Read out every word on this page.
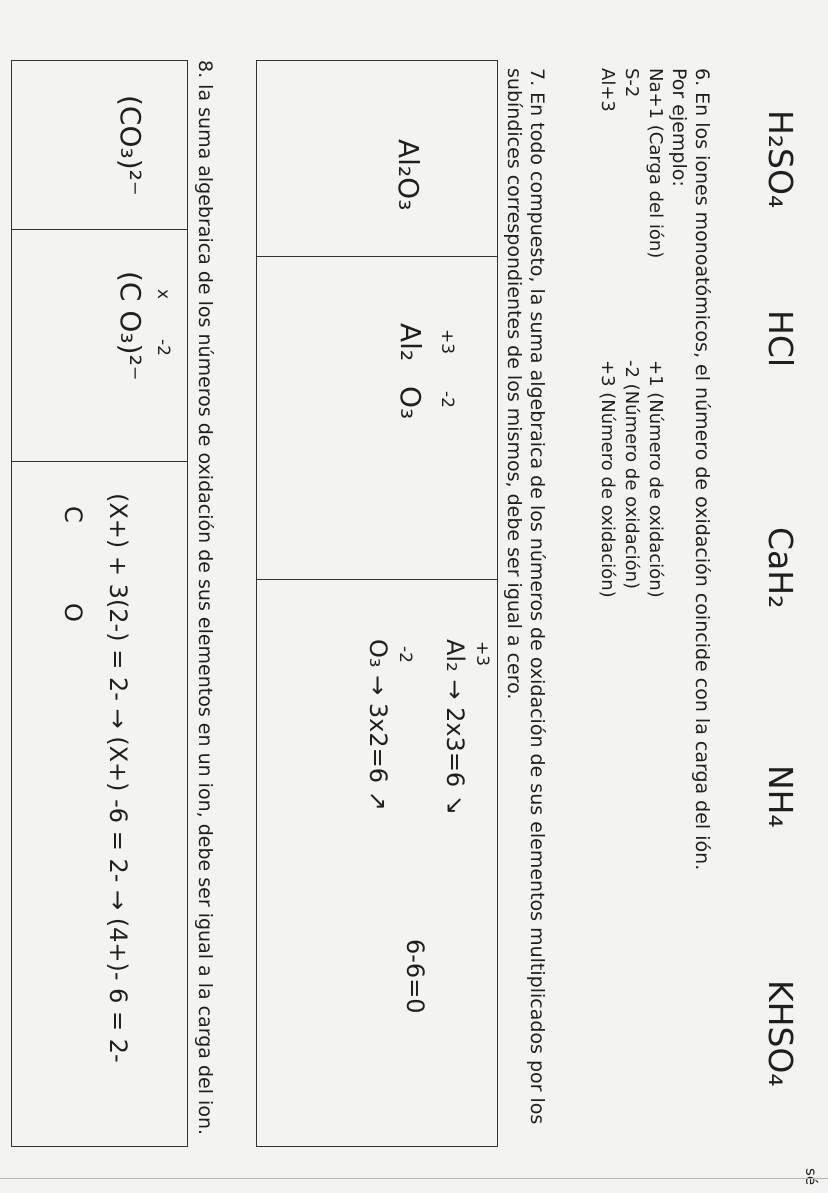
H₂SO₄
HCl
CaH₂
NH₄
KHSO₄
sé
6. En los iones monoatómicos, el número de oxidación coincide con la carga del ión.
Por ejemplo:
Na+1 (Carga del ión)
+1 (Número de oxidación)
S-2
-2 (Número de oxidación)
Al+3
+3 (Número de oxidación)
7. En todo compuesto, la suma algebraica de los números de oxidación de sus elementos multiplicados por los
subíndices correspondientes de los mismos, debe ser igual a cero.
Al₂O₃
+3
-2
Al₂
O₃
+3
Al₂ → 2x3=6 ↘
-2
O₃ → 3x2=6 ↗
6-6=0
8. la suma algebraica de los números de oxidación de sus elementos en un ion, debe ser igual a la carga del ion.
(CO₃)²⁻
x
-2
(C O₃)²⁻
(X+) + 3(2-) = 2- → (X+) -6 = 2- → (4+)- 6 = 2-
C
O
